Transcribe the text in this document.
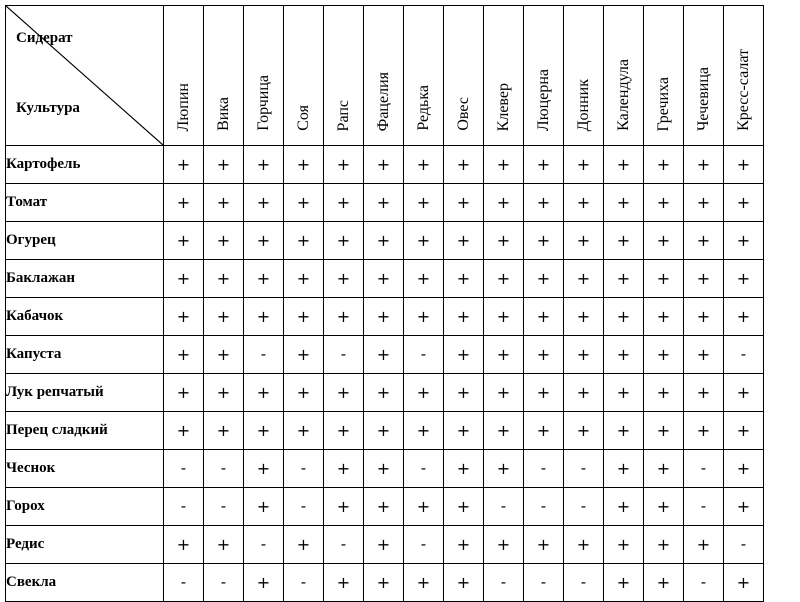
Сидерат
Культура	Люпин	Вика	Горчица	Соя	Рапс	Фацелия	Редька	Овес	Клевер	Люцерна	Донник	Календула	Гречиха	Чечевица	Кресс-салат

Картофель	+	+	+	+	+	+	+	+	+	+	+	+	+	+	+
Томат	+	+	+	+	+	+	+	+	+	+	+	+	+	+	+
Огурец	+	+	+	+	+	+	+	+	+	+	+	+	+	+	+
Баклажан	+	+	+	+	+	+	+	+	+	+	+	+	+	+	+
Кабачок	+	+	+	+	+	+	+	+	+	+	+	+	+	+	+
Капуста	+	+	-	+	-	+	-	+	+	+	+	+	+	+	-
Лук репчатый	+	+	+	+	+	+	+	+	+	+	+	+	+	+	+
Перец сладкий	+	+	+	+	+	+	+	+	+	+	+	+	+	+	+
Чеснок	-	-	+	-	+	+	-	+	+	-	-	+	+	-	+
Горох	-	-	+	-	+	+	+	+	-	-	-	+	+	-	+
Редис	+	+	-	+	-	+	-	+	+	+	+	+	+	+	-
Свекла	-	-	+	-	+	+	+	+	-	-	-	+	+	-	+
